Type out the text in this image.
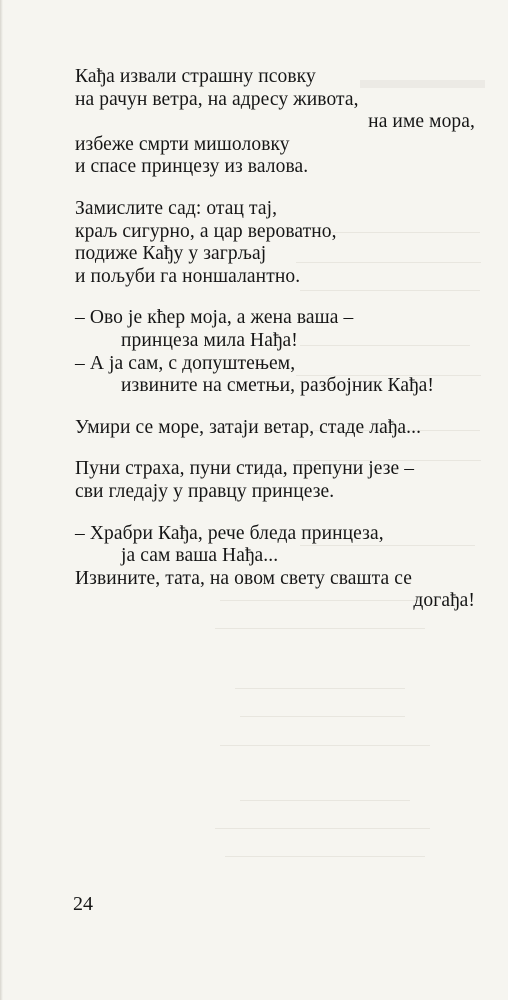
Кађа извали страшну псовку
на рачун ветра, на адресу живота,
на име мора,
избеже смрти мишоловку
и спасе принцезу из валова.
Замислите сад: отац тај,
краљ сигурно, а цар вероватно,
подиже Кађу у загрљај
и пољуби га ноншалантно.
– Ово је кћер моја, а жена ваша –
принцеза мила Нађа!
– А ја сам, с допуштењем,
извините на сметњи, разбојник Кађа!
Умири се море, затаји ветар, стаде лађа...
Пуни страха, пуни стида, препуни језе –
сви гледају у правцу принцезе.
– Храбри Кађа, рече бледа принцеза,
ја сам ваша Нађа...
Извините, тата, на овом свету свашта се
догађа!
24
